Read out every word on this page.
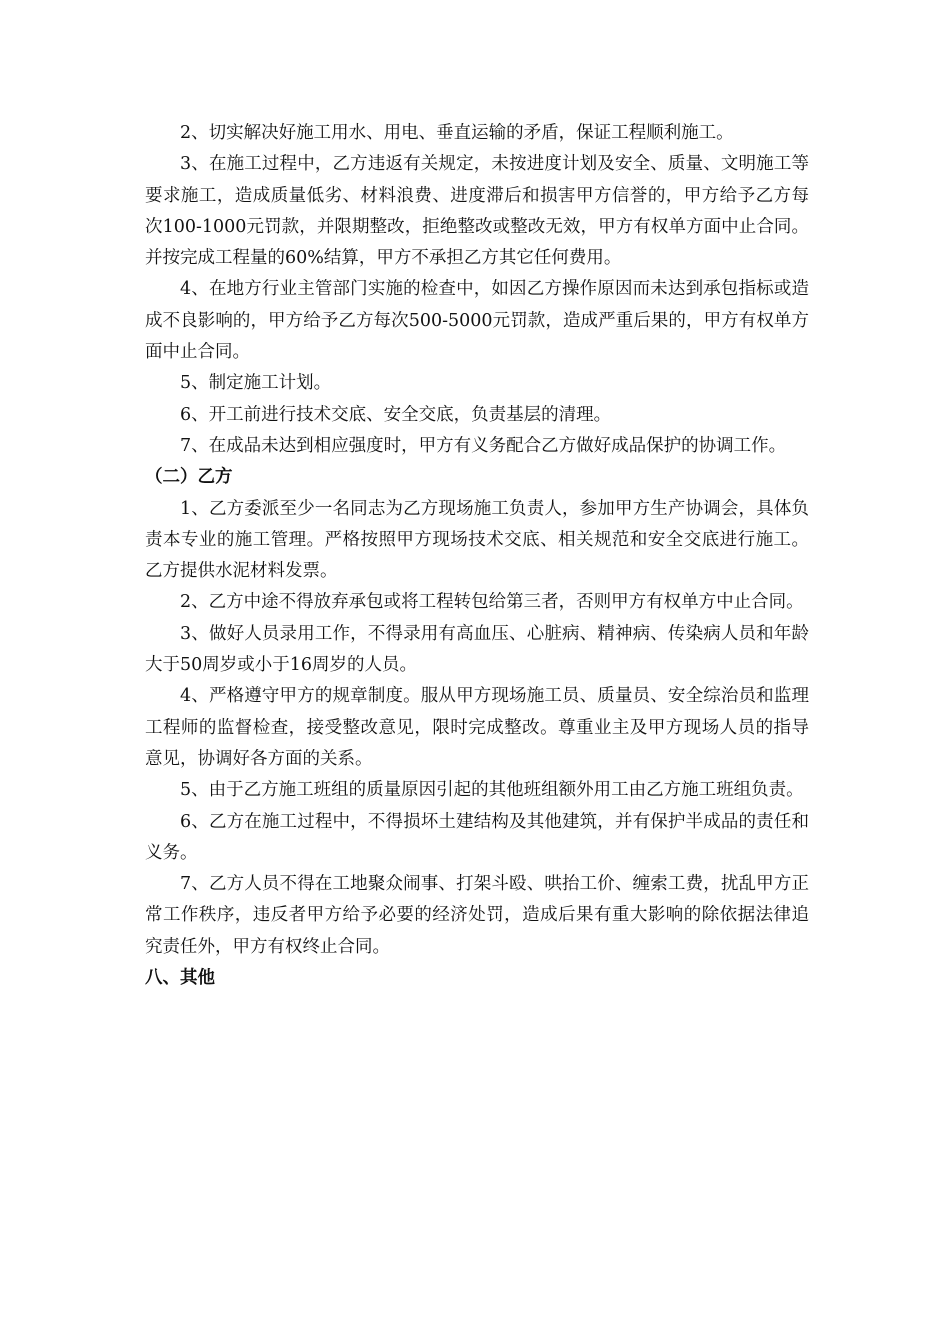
2、切实解决好施工用水、用电、垂直运输的矛盾，保证工程顺利施工。

3、在施工过程中，乙方违返有关规定，未按进度计划及安全、质量、文明施工等要求施工，造成质量低劣、材料浪费、进度滞后和损害甲方信誉的，甲方给予乙方每次100-1000元罚款，并限期整改，拒绝整改或整改无效，甲方有权单方面中止合同。并按完成工程量的60%结算，甲方不承担乙方其它任何费用。

4、在地方行业主管部门实施的检查中，如因乙方操作原因而未达到承包指标或造成不良影响的，甲方给予乙方每次500-5000元罚款，造成严重后果的，甲方有权单方面中止合同。

5、制定施工计划。

6、开工前进行技术交底、安全交底，负责基层的清理。

7、在成品未达到相应强度时，甲方有义务配合乙方做好成品保护的协调工作。

（二）乙方

1、乙方委派至少一名同志为乙方现场施工负责人，参加甲方生产协调会，具体负责本专业的施工管理。严格按照甲方现场技术交底、相关规范和安全交底进行施工。乙方提供水泥材料发票。

2、乙方中途不得放弃承包或将工程转包给第三者，否则甲方有权单方中止合同。

3、做好人员录用工作，不得录用有高血压、心脏病、精神病、传染病人员和年龄大于50周岁或小于16周岁的人员。

4、严格遵守甲方的规章制度。服从甲方现场施工员、质量员、安全综治员和监理工程师的监督检查，接受整改意见，限时完成整改。尊重业主及甲方现场人员的指导意见，协调好各方面的关系。

5、由于乙方施工班组的质量原因引起的其他班组额外用工由乙方施工班组负责。

6、乙方在施工过程中，不得损坏土建结构及其他建筑，并有保护半成品的责任和义务。

7、乙方人员不得在工地聚众闹事、打架斗殴、哄抬工价、缠索工费，扰乱甲方正常工作秩序，违反者甲方给予必要的经济处罚，造成后果有重大影响的除依据法律追究责任外，甲方有权终止合同。

八、其他
